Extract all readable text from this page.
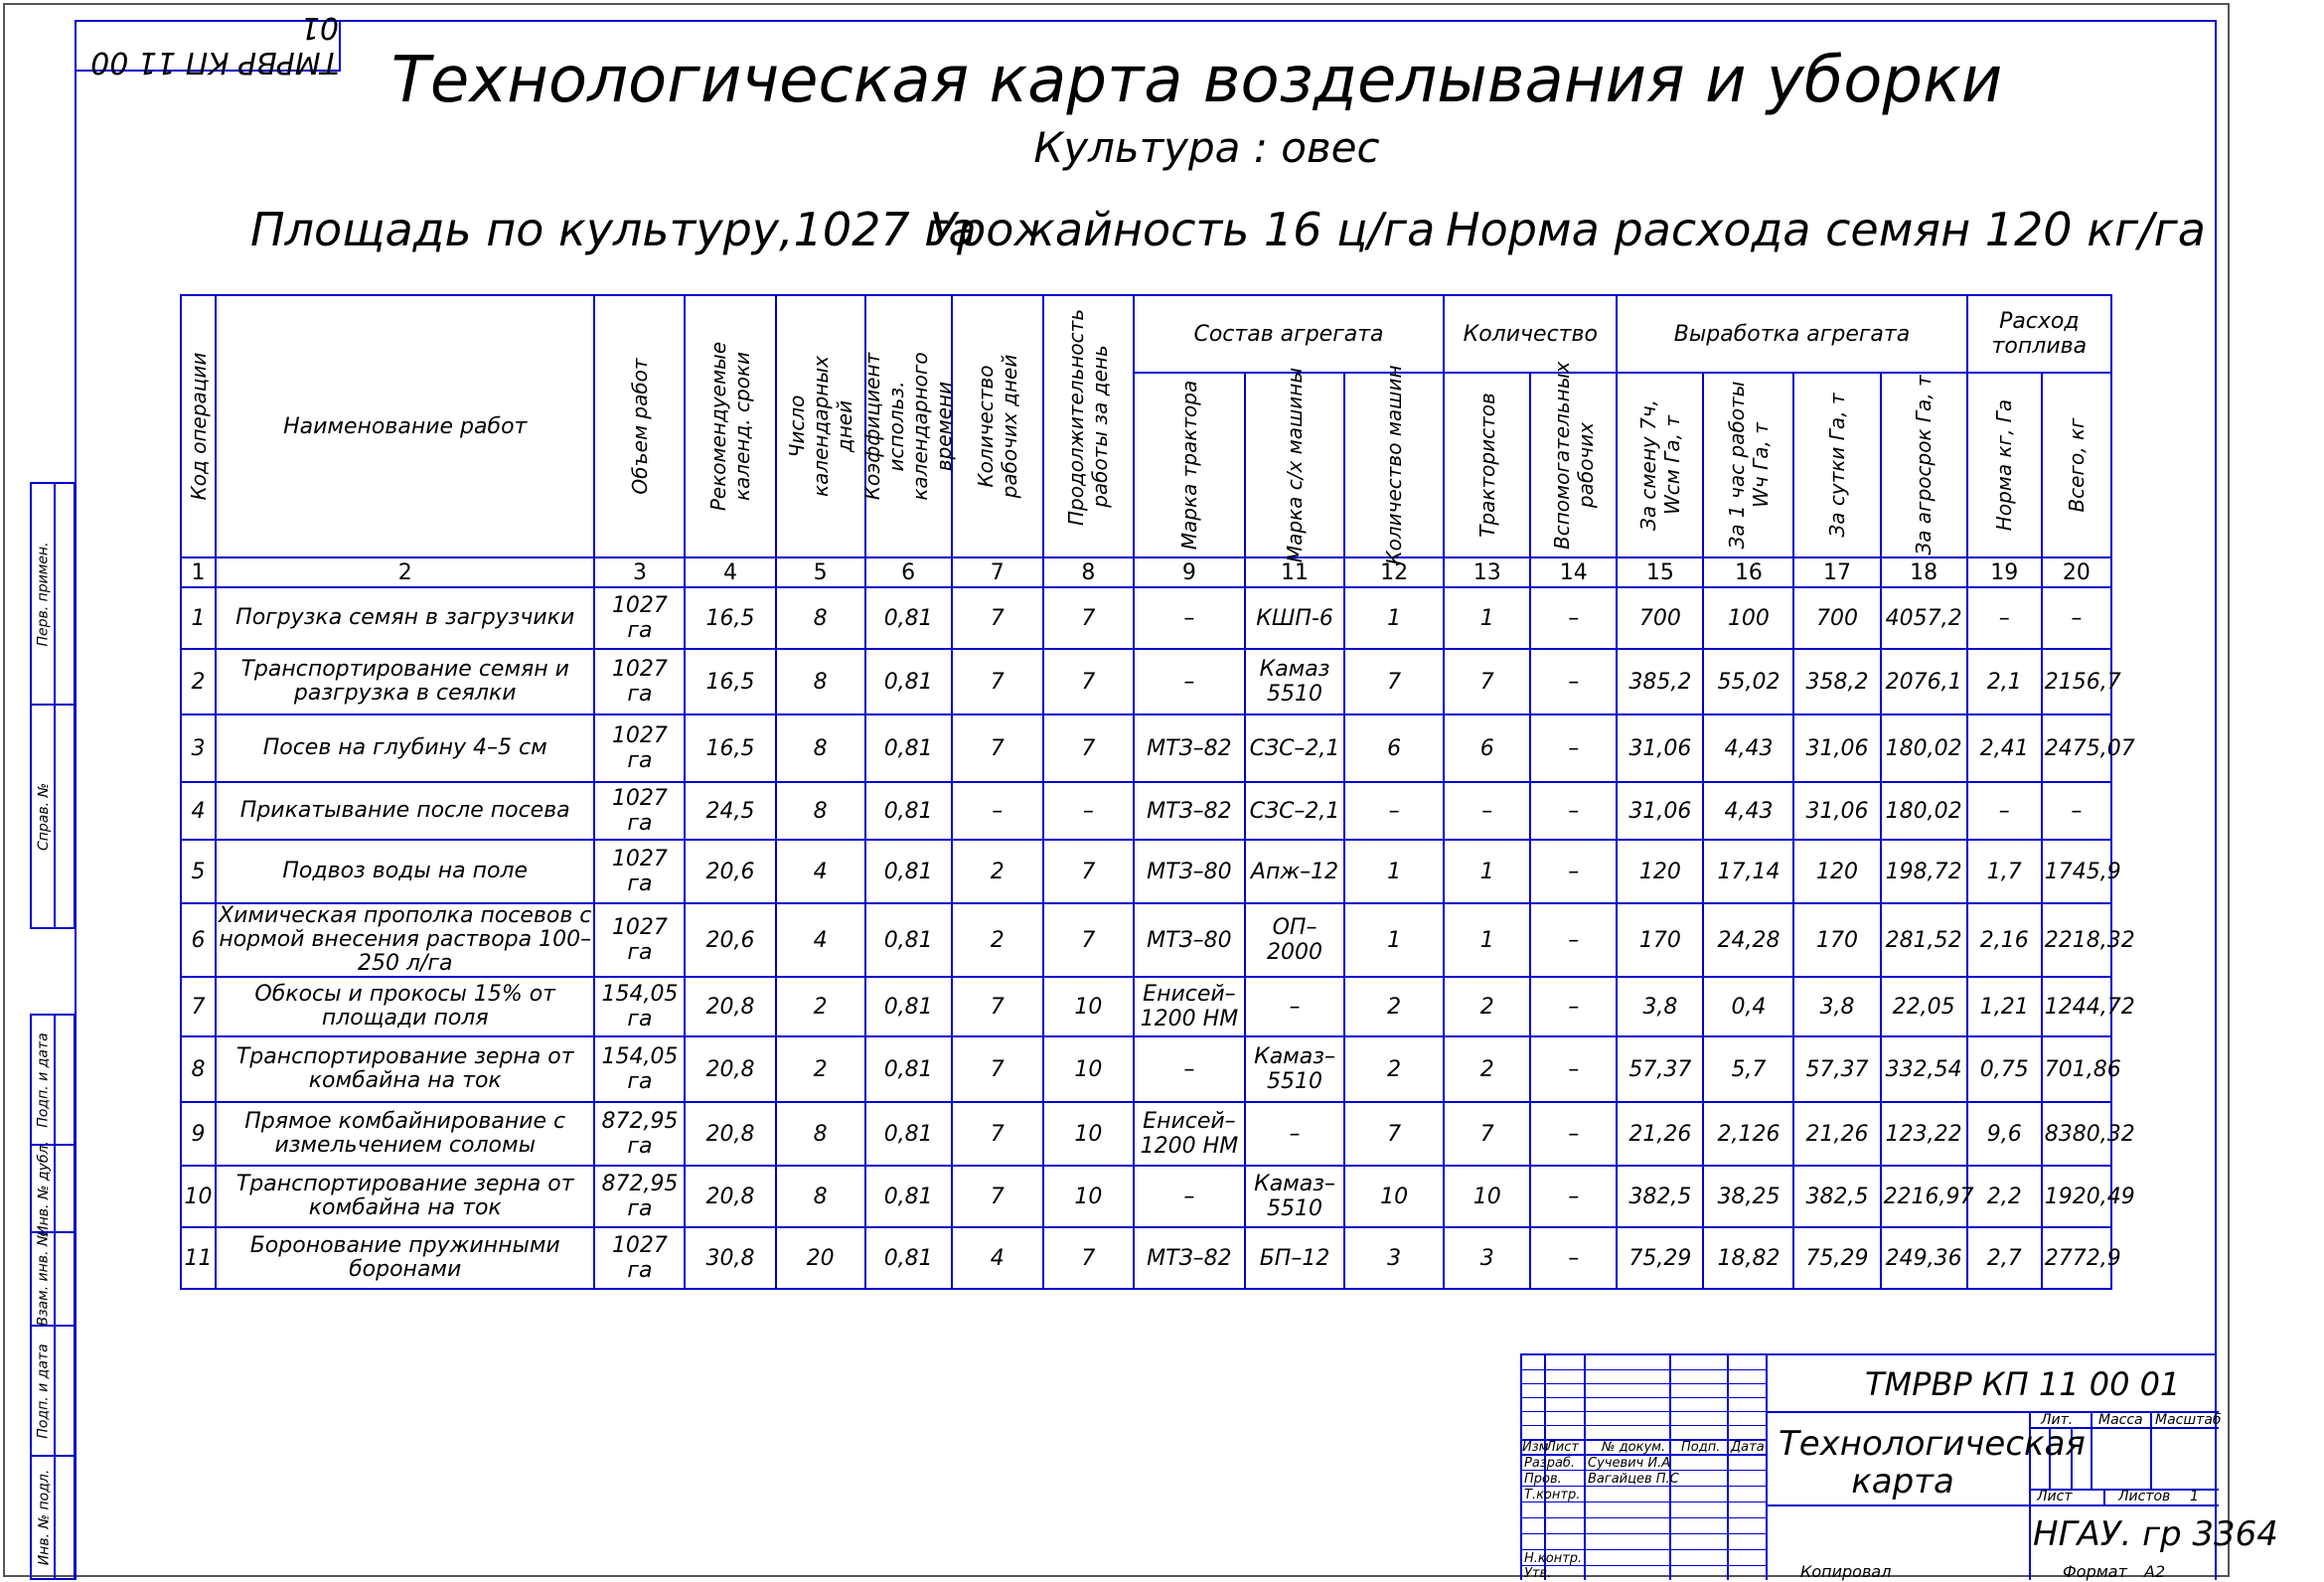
ТМРВР КП 11 00 01
Технологическая карта возделывания и уборки
Культура : овес
Площадь по культуру,1027 га
Урожайность 16 ц/га Норма расхода семян 120 кг/га
Перв. примен.
Справ. №
Подп. и дата
Инв. № дубл.
Взам. инв. №
Подп. и дата
Инв. № подл.
Код операции	Наименование работ	Объем работ	Рекомендуемые календ. сроки	Число календарных дней	Коэффициент использ. календарного времени	Количество рабочих дней	Продолжительность работы за день	Состав агрегата			Количество		Выработка агрегата				Расход топлива	

								Марка трактора	Марка с/х машины	Количество машин	Трактористов	Вспомогательных рабочих	За смену 7ч, Wсм Га, т	За 1 час работы Wч Га, т	За сутки Га, т	За агросрок Га, т	Норма кг, Га	Всего, кг

1	2	3	4	5	6	7	8	9	11	12	13	14	15	16	17	18	19	20
1	Погрузка семян в загрузчики	1027 га	16,5	8	0,81	7	7	–	КШП-6	1	1	–	700	100	700	4057,2	–	–
2	Транспортирование семян и разгрузка в сеялки	1027 га	16,5	8	0,81	7	7	–	Камаз 5510	7	7	–	385,2	55,02	358,2	2076,1	2,1	2156,7
3	Посев на глубину 4–5 см	1027 га	16,5	8	0,81	7	7	МТЗ–82	СЗС–2,1	6	6	–	31,06	4,43	31,06	180,02	2,41	2475,07
4	Прикатывание после посева	1027 га	24,5	8	0,81	–	–	МТЗ–82	СЗС–2,1	–	–	–	31,06	4,43	31,06	180,02	–	–
5	Подвоз воды на поле	1027 га	20,6	4	0,81	2	7	МТЗ–80	Апж–12	1	1	–	120	17,14	120	198,72	1,7	1745,9
6	Химическая прополка посевов с нормой внесения раствора 100–250 л/га	1027 га	20,6	4	0,81	2	7	МТЗ–80	ОП–2000	1	1	–	170	24,28	170	281,52	2,16	2218,32
7	Обкосы и прокосы 15% от площади поля	154,05 га	20,8	2	0,81	7	10	Енисей–1200 НМ	–	2	2	–	3,8	0,4	3,8	22,05	1,21	1244,72
8	Транспортирование зерна от комбайна на ток	154,05 га	20,8	2	0,81	7	10	–	Камаз–5510	2	2	–	57,37	5,7	57,37	332,54	0,75	701,86
9	Прямое комбайнирование с измельчением соломы	872,95 га	20,8	8	0,81	7	10	Енисей–1200 НМ	–	7	7	–	21,26	2,126	21,26	123,22	9,6	8380,32
10	Транспортирование зерна от комбайна на ток	872,95 га	20,8	8	0,81	7	10	–	Камаз–5510	10	10	–	382,5	38,25	382,5	2216,97	2,2	1920,49
11	Боронование пружинными боронами	1027 га	30,8	20	0,81	4	7	МТЗ–82	БП–12	3	3	–	75,29	18,82	75,29	249,36	2,7	2772,9
ТМРВР КП 11 00 01
Технологическая карта
Изм
Лист № докум. Подп. Дата
Разраб. Сучевич И.А
Пров. Вагайцев П.С
Т.контр.
Н.контр.
Утв.
Лит. Масса Масштаб
Лист	Листов 1
НГАУ. гр 3364
Копировал	Формат А2
